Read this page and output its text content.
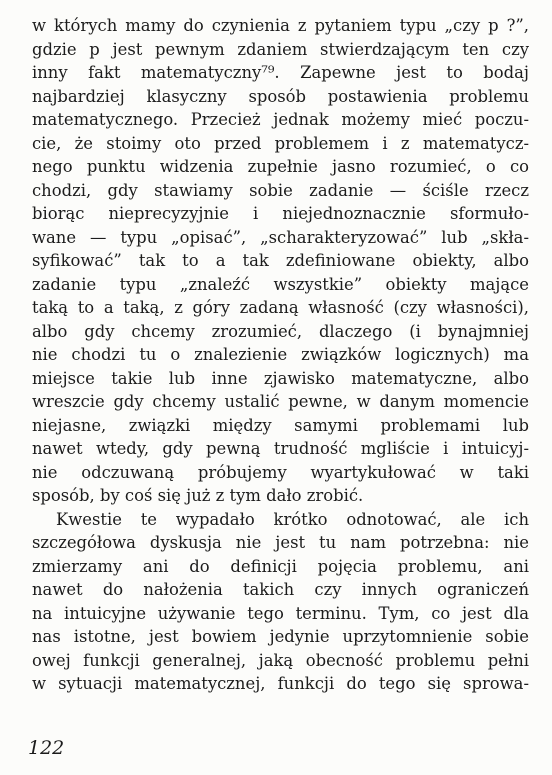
w których mamy do czynienia z pytaniem typu „czy p ?”,
gdzie p jest pewnym zdaniem stwierdzającym ten czy
inny fakt matematyczny⁷⁹. Zapewne jest to bodaj
najbardziej klasyczny sposób postawienia problemu
matematycznego. Przecież jednak możemy mieć poczu-
cie, że stoimy oto przed problemem i z matematycz-
nego punktu widzenia zupełnie jasno rozumieć, o co
chodzi, gdy stawiamy sobie zadanie — ściśle rzecz
biorąc nieprecyzyjnie i niejednoznacznie sformuło-
wane — typu „opisać”, „scharakteryzować” lub „skła-
syfikować” tak to a tak zdefiniowane obiekty, albo
zadanie typu „znaleźć wszystkie” obiekty mające
taką to a taką, z góry zadaną własność (czy własności),
albo gdy chcemy zrozumieć, dlaczego (i bynajmniej
nie chodzi tu o znalezienie związków logicznych) ma
miejsce takie lub inne zjawisko matematyczne, albo
wreszcie gdy chcemy ustalić pewne, w danym momencie
niejasne, związki między samymi problemami lub
nawet wtedy, gdy pewną trudność mgliście i intuicyj-
nie odczuwaną próbujemy wyartykułować w taki
sposób, by coś się już z tym dało zrobić.
Kwestie te wypadało krótko odnotować, ale ich
szczegółowa dyskusja nie jest tu nam potrzebna: nie
zmierzamy ani do definicji pojęcia problemu, ani
nawet do nałożenia takich czy innych ograniczeń
na intuicyjne używanie tego terminu. Tym, co jest dla
nas istotne, jest bowiem jedynie uprzytomnienie sobie
owej funkcji generalnej, jaką obecność problemu pełni
w sytuacji matematycznej, funkcji do tego się sprowa-
122
